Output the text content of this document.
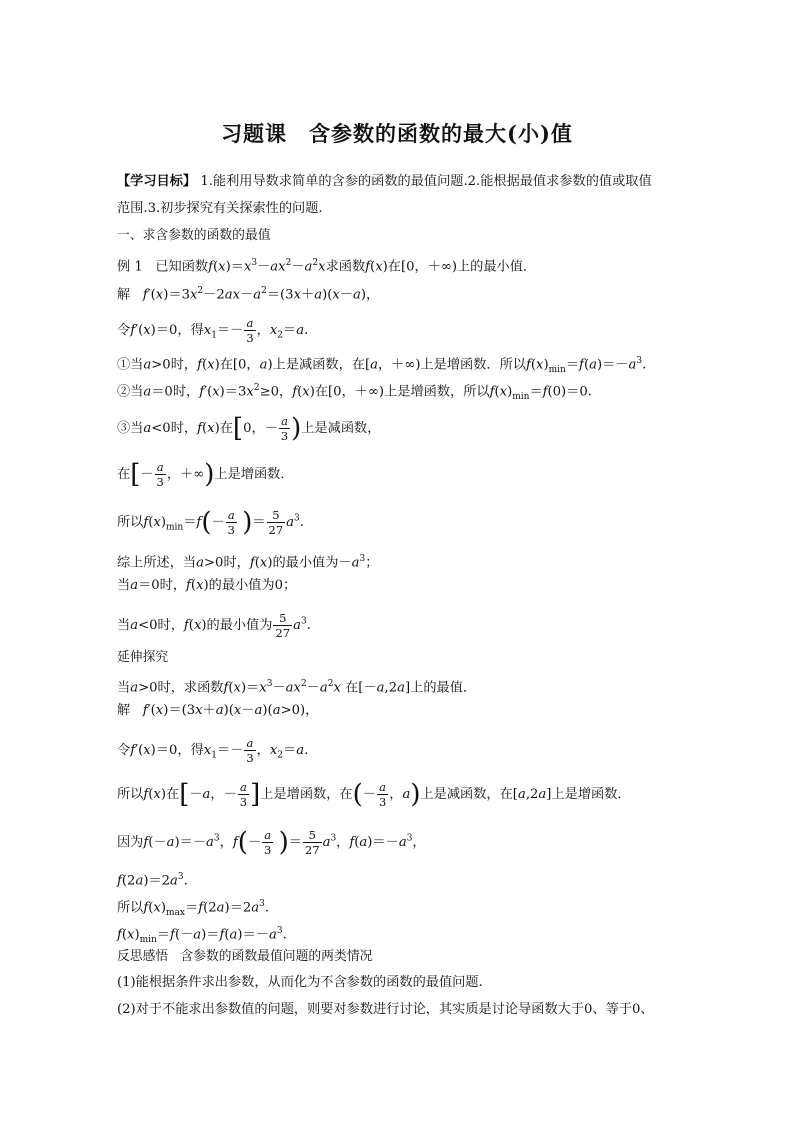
习题课　含参数的函数的最大(小)值
【学习目标】 1.能利用导数求简单的含参的函数的最值问题.2.能根据最值求参数的值或取值
范围.3.初步探究有关探索性的问题.
一、求含参数的函数的最值
例 1   已知函数$f(x)=x^3-ax^2-a^2x$求函数f(x)在[0，＋∞)上的最小值．
解 $f'(x)=3x^2-2ax-a^2=(3x+a)(x-a)$，
令f′(x)＝0，得$x_1=- \frac{a}{3}$ ，$x_2=a$.
①当a>0时，f(x)在[0，a)上是减函数，在[a，＋∞)上是增函数．所以$f(x)_{min}=f(a)=-a^3$.
②当a＝0时，$f'(x)=3x^2\ge 0$，f(x)在[0，＋∞)上是增函数，所以$f(x)_{min}=f(0)=0$.
③当a<0时，f(x)在[0，－ $\frac{a}{3}$ )上是减函数，
在[－ $\frac{a}{3}$ ，＋∞)上是增函数．
所以$f(x)_{min}=f(- \frac{a}{3}$ )＝ $\frac{5}{27} a^3$.
综上所述，当a>0时，f(x)的最小值为$-a^3$；
当a＝0时，f(x)的最小值为0；
当a<0时，f(x)的最小值为 $\frac{5}{27} a^3$.
延伸探究
当a>0时，求函数$f(x)=x^3-ax^2-a^2x$ 在[－a,2a]上的最值．
解 f′(x)＝(3x＋a)(x－a)(a>0)，
令f′(x)＝0，得$x_1=- \frac{a}{3}$ ，$x_2=a$.
所以f(x)在[－a，－ $\frac{a}{3}$ ]上是增函数，在(－ $\frac{a}{3}$ ，a)上是减函数，在[a,2a]上是增函数．
因为$f(-a)=-a^3$，$f(- \frac{a}{3}$ )＝ $\frac{5}{27} a^3$，$f(a)=-a^3$，
$f(2a)=2a^3$.
所以$f(x)_{max}=f(2a)=2a^3$.
$f(x)_{min}=f(-a)=f(a)=-a^3$.
反思感悟 含参数的函数最值问题的两类情况
(1)能根据条件求出参数，从而化为不含参数的函数的最值问题.
(2)对于不能求出参数值的问题，则要对参数进行讨论，其实质是讨论导函数大于0、等于0、
